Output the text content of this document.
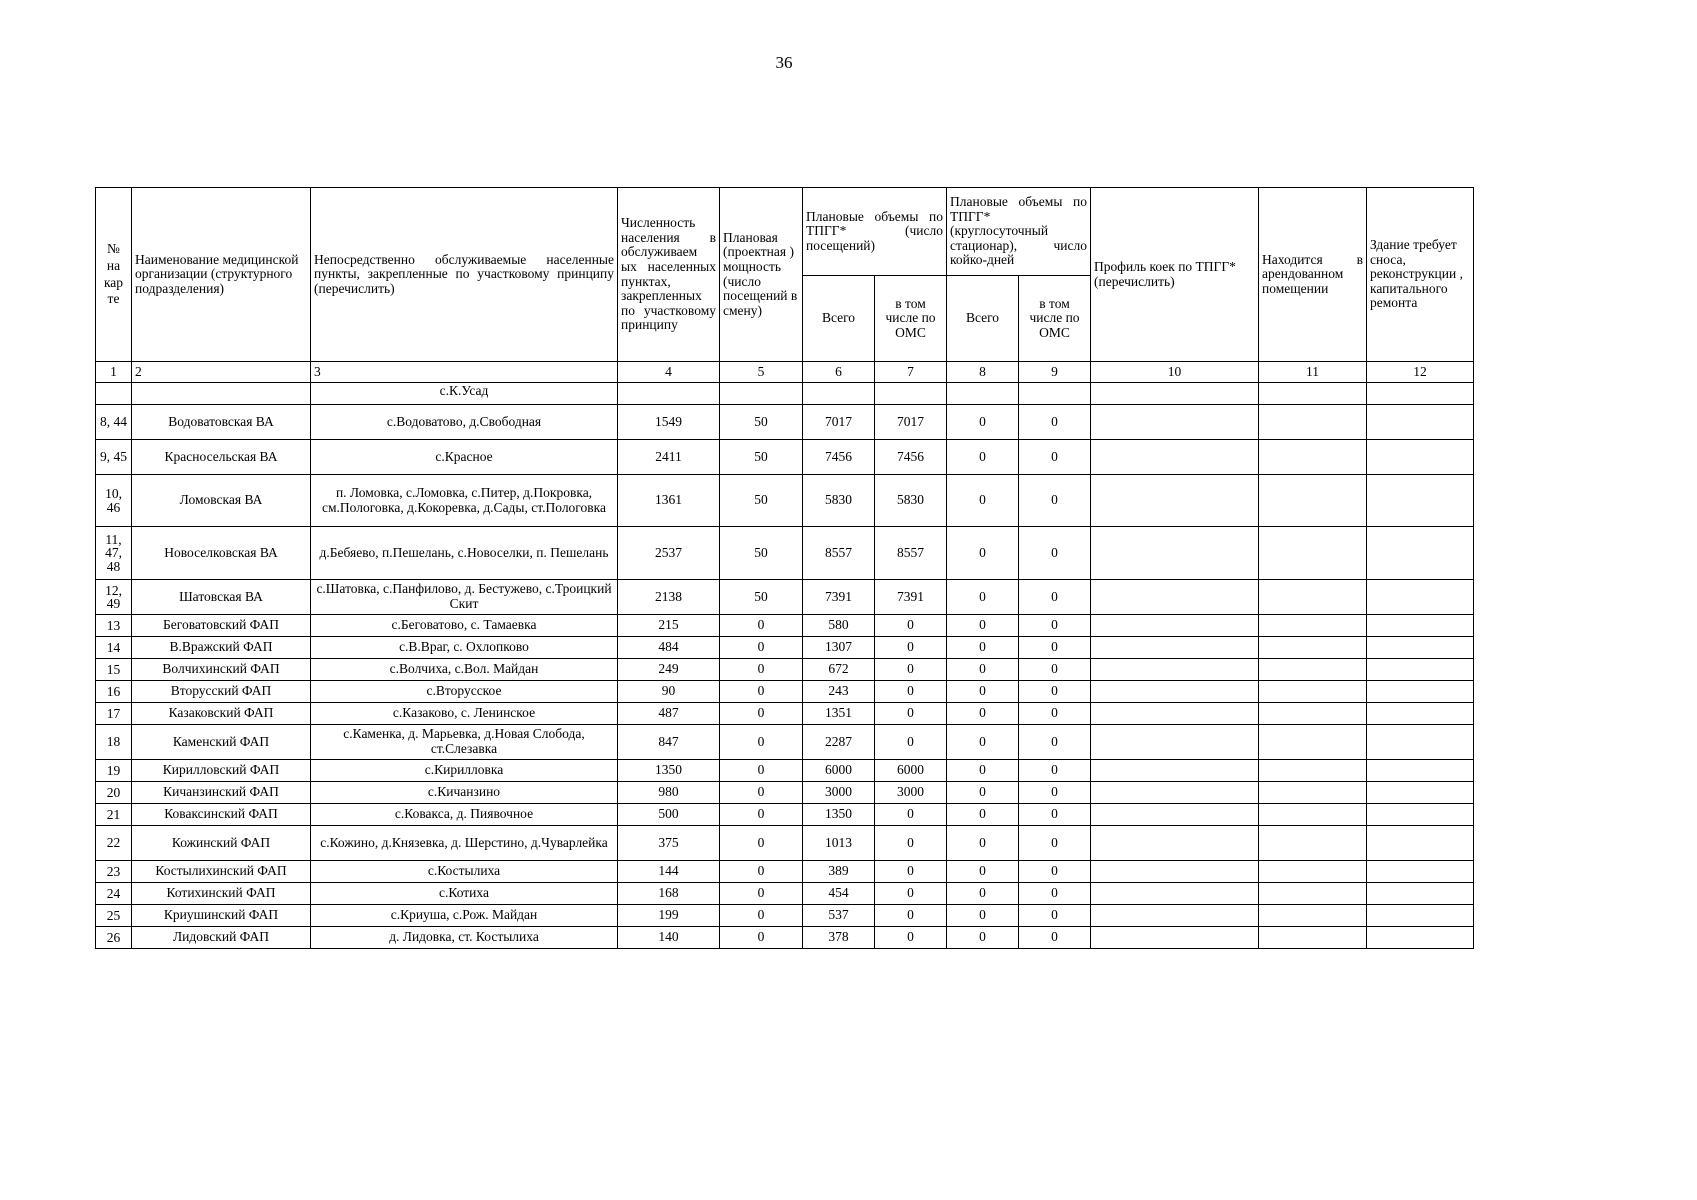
36
№
на
кар
те	Наименование медицинской организации (структурного подразделения)	Непосредственно обслуживаемые населенные пункты, закрепленные по участковому принципу (перечислить)	Численность населения в обслуживаем ых населенных пунктах, закрепленных по участковому принципу	Плановая (проектная ) мощность (число посещений в смену)	Плановые объемы по ТПГГ* (число посещений)		Плановые объемы по ТПГГ* (круглосуточный стационар), число койко-дней		Профиль коек по ТПГГ* (перечислить)	Находится в арендованном помещении	Здание требует сноса, реконструкции , капитального ремонта
					Всего	в том числе по ОМС	Всего	в том числе по ОМС			
1	2	3	4	5	6	7	8	9	10	11	12
		с.К.Усад									
8, 44	Водоватовская ВА	с.Водоватово, д.Свободная	1549	50	7017	7017	0	0			
9, 45	Красносельская ВА	с.Красное	2411	50	7456	7456	0	0			
10, 46	Ломовская ВА	п. Ломовка, с.Ломовка, с.Питер, д.Покровка, см.Пологовка, д.Кокоревка, д.Сады, ст.Пологовка	1361	50	5830	5830	0	0			
11, 47, 48	Новоселковская ВА	д.Бебяево, п.Пешелань, с.Новоселки, п. Пешелань	2537	50	8557	8557	0	0			
12, 49	Шатовская ВА	с.Шатовка, с.Панфилово, д. Бестужево, с.Троицкий Скит	2138	50	7391	7391	0	0			
13	Беговатовский ФАП	с.Беговатово, с. Тамаевка	215	0	580	0	0	0			
14	В.Вражский ФАП	с.В.Враг, с. Охлопково	484	0	1307	0	0	0			
15	Волчихинский ФАП	с.Волчиха, с.Вол. Майдан	249	0	672	0	0	0			
16	Вторусский ФАП	с.Вторусское	90	0	243	0	0	0			
17	Казаковский ФАП	с.Казаково, с. Ленинское	487	0	1351	0	0	0			
18	Каменский ФАП	с.Каменка, д. Марьевка, д.Новая Слобода, ст.Слезавка	847	0	2287	0	0	0			
19	Кирилловский ФАП	с.Кирилловка	1350	0	6000	6000	0	0			
20	Кичанзинский ФАП	с.Кичанзино	980	0	3000	3000	0	0			
21	Коваксинский ФАП	с.Ковакса, д. Пиявочное	500	0	1350	0	0	0			
22	Кожинский ФАП	с.Кожино, д.Князевка, д. Шерстино, д.Чуварлейка	375	0	1013	0	0	0			
23	Костылихинский ФАП	с.Костылиха	144	0	389	0	0	0			
24	Котихинский ФАП	с.Котиха	168	0	454	0	0	0			
25	Криушинский ФАП	с.Криуша, с.Рож. Майдан	199	0	537	0	0	0			
26	Лидовский ФАП	д. Лидовка, ст. Костылиха	140	0	378	0	0	0			
